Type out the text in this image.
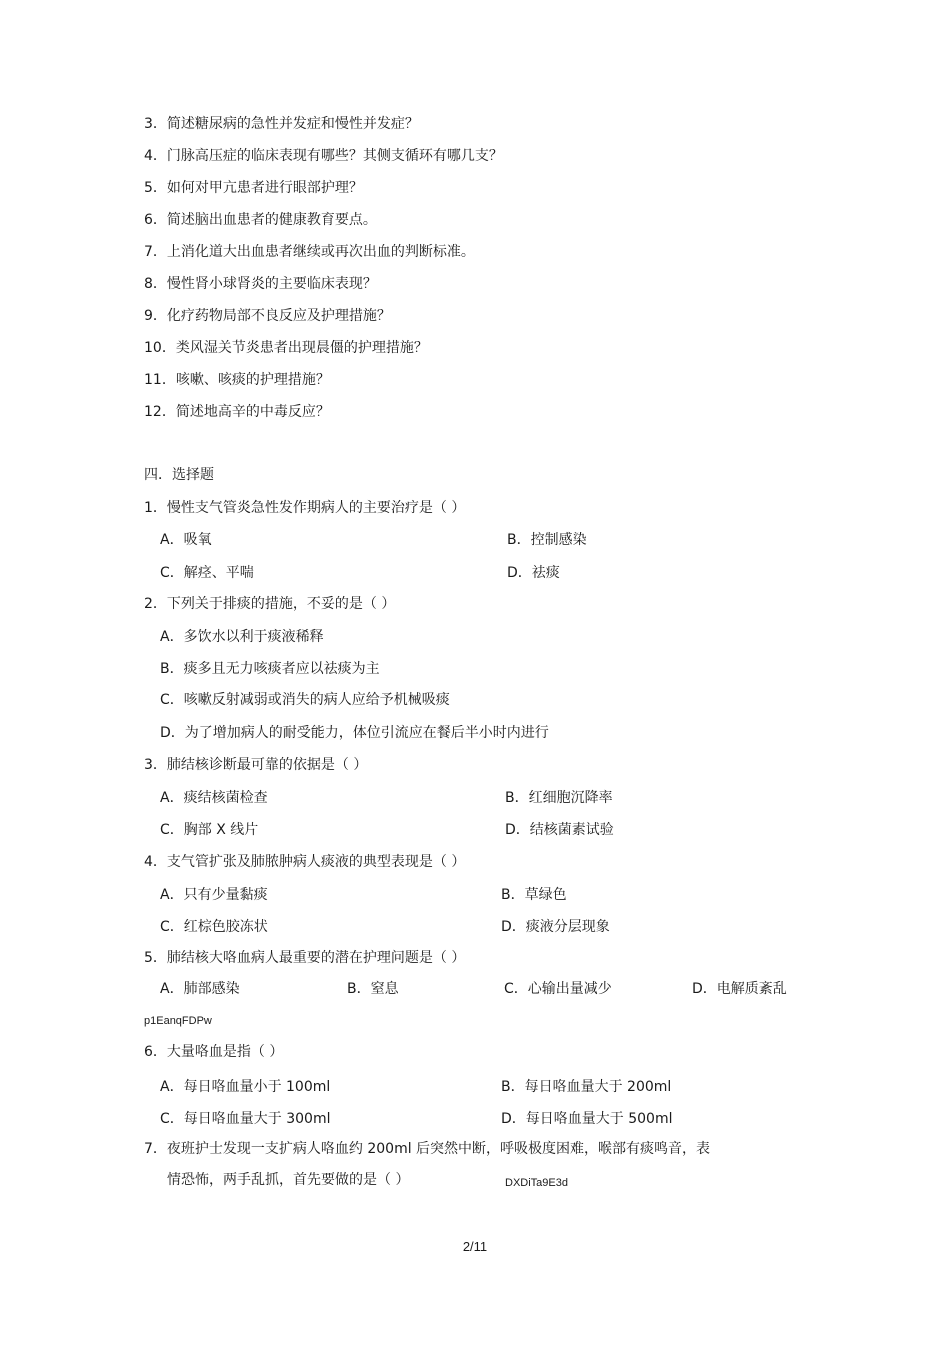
3．简述糖尿病的急性并发症和慢性并发症？
4．门脉高压症的临床表现有哪些？其侧支循环有哪几支？
5．如何对甲亢患者进行眼部护理？
6．简述脑出血患者的健康教育要点。
7．上消化道大出血患者继续或再次出血的判断标准。
8．慢性肾小球肾炎的主要临床表现？
9．化疗药物局部不良反应及护理措施？
10．类风湿关节炎患者出现晨僵的护理措施？
11．咳嗽、咳痰的护理措施？
12．简述地高辛的中毒反应？
四．选择题
1．慢性支气管炎急性发作期病人的主要治疗是（ ）
A．吸氧	B．控制感染
C．解痉、平喘	D．祛痰
2．下列关于排痰的措施，不妥的是（ ）
A．多饮水以利于痰液稀释
B．痰多且无力咳痰者应以祛痰为主
C．咳嗽反射减弱或消失的病人应给予机械吸痰
D．为了增加病人的耐受能力，体位引流应在餐后半小时内进行
3．肺结核诊断最可靠的依据是（ ）
A．痰结核菌检查	B．红细胞沉降率
C．胸部 X 线片	D．结核菌素试验
4．支气管扩张及肺脓肿病人痰液的典型表现是（ ）
A．只有少量黏痰	B．草绿色
C．红棕色胶冻状	D．痰液分层现象
5．肺结核大咯血病人最重要的潜在护理问题是（ ）
A．肺部感染	B．窒息	C．心输出量减少	D．电解质紊乱
p1EanqFDPw
6．大量咯血是指（ ）
A．每日咯血量小于 100ml	B．每日咯血量大于 200ml
C．每日咯血量大于 300ml	D．每日咯血量大于 500ml
7．夜班护士发现一支扩病人咯血约 200ml 后突然中断，呼吸极度困难，喉部有痰鸣音，表
情恐怖，两手乱抓，首先要做的是（ ）	DXDiTa9E3d
2/11
